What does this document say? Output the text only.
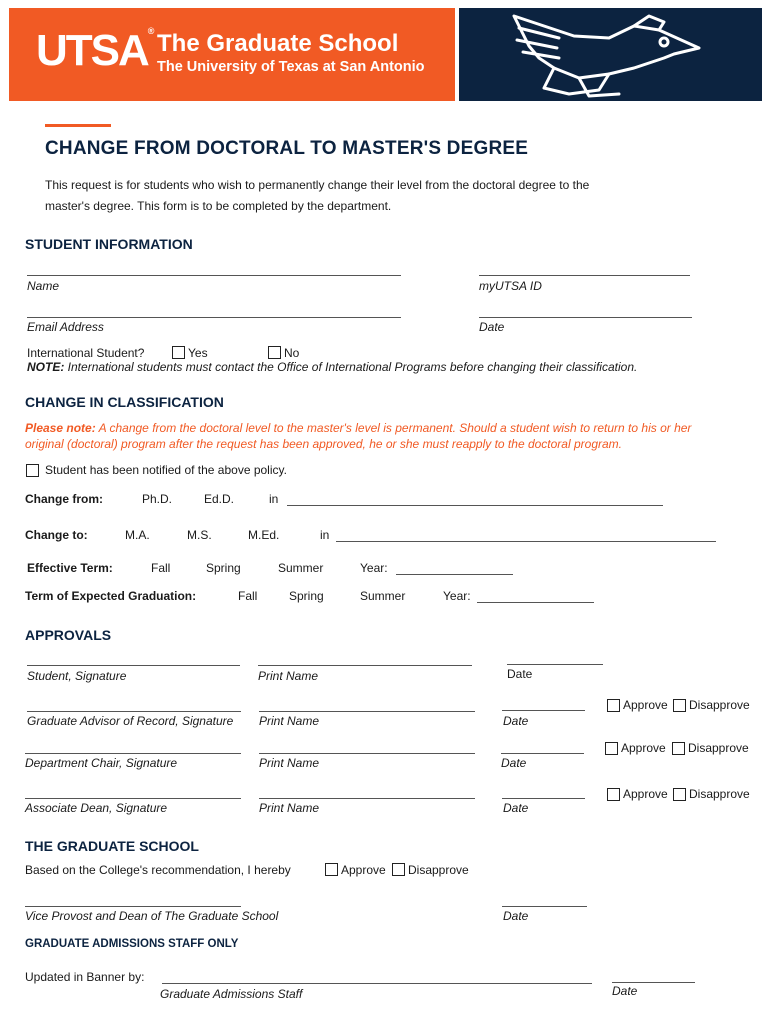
UTSA® The Graduate School
The University of Texas at San Antonio
CHANGE FROM DOCTORAL TO MASTER'S DEGREE
This request is for students who wish to permanently change their level from the doctoral degree to the
master's degree. This form is to be completed by the department.
STUDENT INFORMATION
Name	myUTSA ID
Email Address	Date
International Student?	Yes	No
NOTE: International students must contact the Office of International Programs before changing their classification.
CHANGE IN CLASSIFICATION
Please note: A change from the doctoral level to the master's level is permanent. Should a student wish to return to his or her original (doctoral) program after the request has been approved, he or she must reapply to the doctoral program.
Student has been notified of the above policy.
Change from:	Ph.D.	Ed.D.	in
Change to:	M.A.	M.S.	M.Ed.	in
Effective Term:	Fall	Spring	Summer	Year:
Term of Expected Graduation:	Fall	Spring	Summer	Year:
APPROVALS
Student, Signature	Print Name	Date
Graduate Advisor of Record, Signature Print Name	Date
Approve Disapprove
Department Chair, Signature	Print Name	Date
Approve Disapprove
Associate Dean, Signature	Print Name	Date
Approve Disapprove
THE GRADUATE SCHOOL
Based on the College's recommendation, I hereby	Approve Disapprove
Vice Provost and Dean of The Graduate School	Date
GRADUATE ADMISSIONS STAFF ONLY
Updated in Banner by:
Graduate Admissions Staff	Date
